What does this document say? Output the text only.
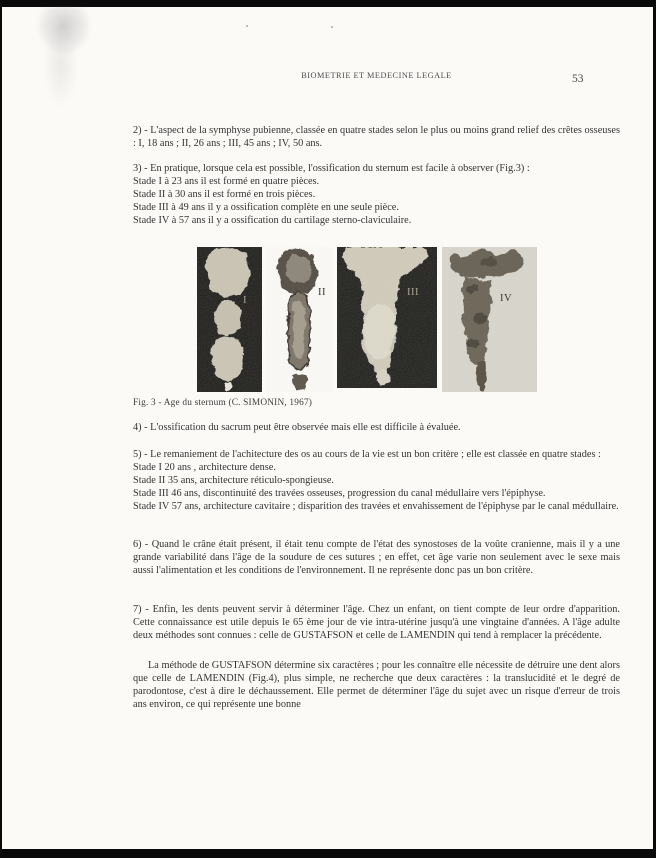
BIOMETRIE ET MEDECINE LEGALE	53
2) - L'aspect de la symphyse pubienne, classée en quatre stades selon le plus ou moins grand relief des crêtes osseuses : I, 18 ans ; II, 26 ans ; III, 45 ans ; IV, 50 ans.
3) - En pratique, lorsque cela est possible, l'ossification du sternum est facile à observer (Fig.3) :
Stade I à 23 ans il est formé en quatre pièces.
Stade II à 30 ans il est formé en trois pièces.
Stade III à 49 ans il y a ossification complète en une seule pièce.
Stade IV à 57 ans il y a ossification du cartilage sterno-claviculaire.
I
II	III
IV
Fig. 3 - Age du sternum (C. SIMONIN, 1967)
4) - L'ossification du sacrum peut être observée mais elle est difficile à évaluée.
5) - Le remaniement de l'achitecture des os au cours de la vie est un bon critère ; elle est classée en quatre stades :
Stade I 20 ans , architecture dense.
Stade II 35 ans, architecture réticulo-spongieuse.
Stade III 46 ans, discontinuité des travées osseuses, progression du canal médullaire vers l'épiphyse.
Stade IV 57 ans, architecture cavitaire ; disparition des travées et envahissement de l'épiphyse par le canal médullaire.
6) - Quand le crâne était présent, il était tenu compte de l'état des synostoses de la voûte cranienne, mais il y a une grande variabilité dans l'âge de la soudure de ces sutures ; en effet, cet âge varie non seulement avec le sexe mais aussi l'alimentation et les conditions de l'environnement. Il ne représente donc pas un bon critère.
7) - Enfin, les dents peuvent servir à déterminer l'âge. Chez un enfant, on tient compte de leur ordre d'apparition. Cette connaissance est utile depuis le 65 ème jour de vie intra-utérine jusqu'à une vingtaine d'années. A l'âge adulte deux méthodes sont connues : celle de GUSTAFSON et celle de LAMENDIN qui tend à remplacer la précédente.
La méthode de GUSTAFSON détermine six caractères ; pour les connaître elle nécessite de détruire une dent alors que celle de LAMENDIN (Fig.4), plus simple, ne recherche que deux caractères : la translucidité et le degré de parodontose, c'est à dire le déchaussement. Elle permet de déterminer l'âge du sujet avec un risque d'erreur de trois ans environ, ce qui représente une bonne
